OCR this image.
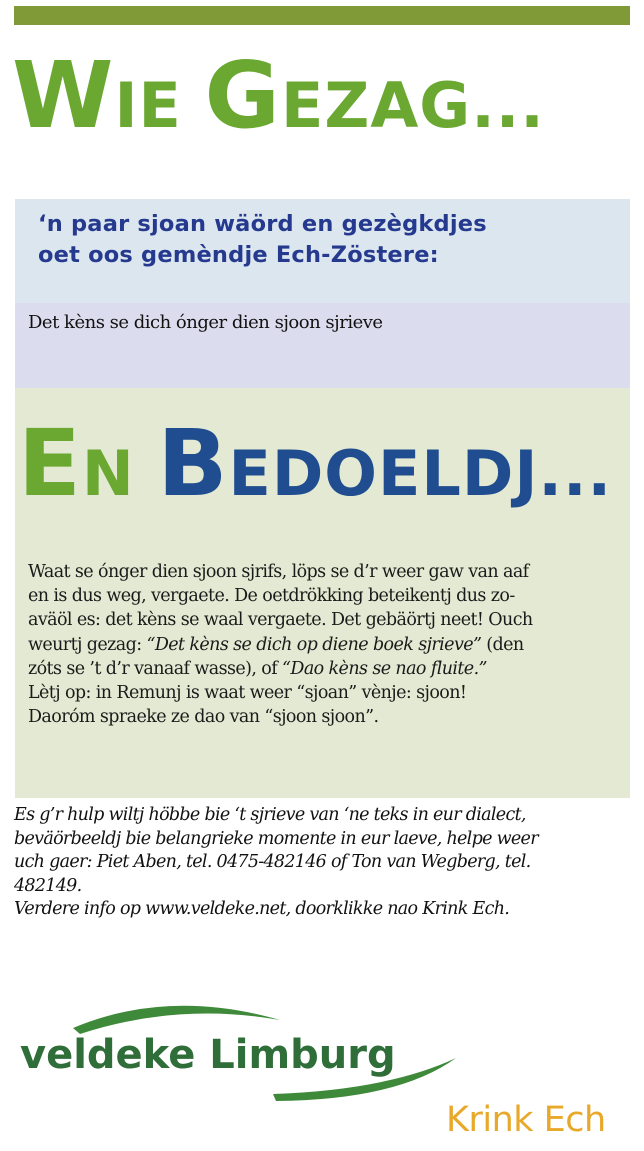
WIE GEZAG...

‘n paar sjoan wäörd en gezègkdjes
oet oos gemèndje Ech-Zöstere:

Det kèns se dich ónger dien sjoon sjrieve

EN BEDOELDJ...
Waat se ónger dien sjoon sjrifs, löps se d’r weer gaw van aaf
en is dus weg, vergaete. De oetdrökking beteikentj dus zo-
aväöl es: det kèns se waal vergaete. Det gebäörtj neet! Ouch
weurtj gezag: “Det kèns se dich op diene boek sjrieve” (den
zóts se ’t d’r vanaaf wasse), of “Dao kèns se nao fluite.”
Lètj op: in Remunj is waat weer “sjoan” vènje: sjoon!
Daoróm spraeke ze dao van “sjoon sjoon”.
Es g’r hulp wiltj höbbe bie ‘t sjrieve van ‘ne teks in eur dialect,
beväörbeeldj bie belangrieke momente in eur laeve, helpe weer
uch gaer: Piet Aben, tel. 0475-482146 of Ton van Wegberg, tel.
482149.
Verdere info op www.veldeke.net, doorklikke nao Krink Ech.
veldeke Limburg

Krink Ech
